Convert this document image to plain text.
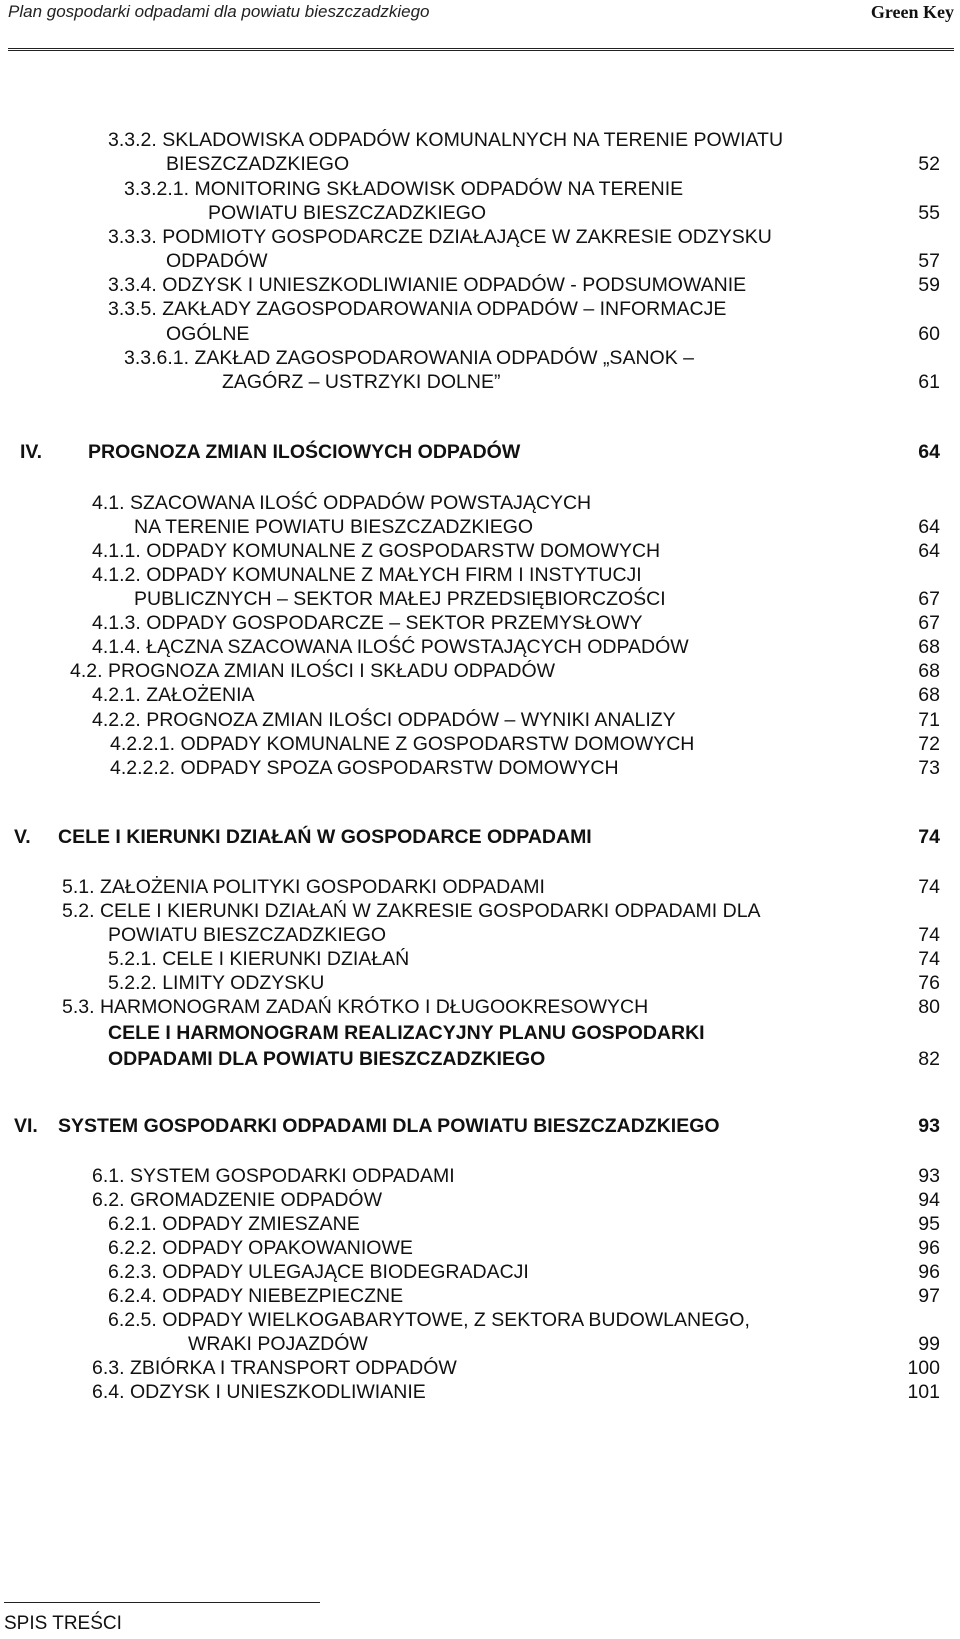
Plan gospodarki odpadami dla powiatu bieszczadzkiego	Green Key
3.3.2. SKLADOWISKA ODPADÓW KOMUNALNYCH NA TERENIE POWIATU
BIESZCZADZKIEGO	52
3.3.2.1. MONITORING SKŁADOWISK ODPADÓW NA TERENIE
POWIATU BIESZCZADZKIEGO	55
3.3.3. PODMIOTY GOSPODARCZE DZIAŁAJĄCE W ZAKRESIE ODZYSKU
ODPADÓW	57
3.3.4. ODZYSK I UNIESZKODLIWIANIE ODPADÓW - PODSUMOWANIE	59
3.3.5. ZAKŁADY ZAGOSPODAROWANIA ODPADÓW – INFORMACJE
OGÓLNE	60
3.3.6.1. ZAKŁAD ZAGOSPODAROWANIA ODPADÓW „SANOK –
ZAGÓRZ – USTRZYKI DOLNE”	61
IV. PROGNOZA ZMIAN ILOŚCIOWYCH ODPADÓW	64
4.1. SZACOWANA ILOŚĆ ODPADÓW POWSTAJĄCYCH
NA TERENIE POWIATU BIESZCZADZKIEGO	64
4.1.1. ODPADY KOMUNALNE Z GOSPODARSTW DOMOWYCH	64
4.1.2. ODPADY KOMUNALNE Z MAŁYCH FIRM I INSTYTUCJI
PUBLICZNYCH – SEKTOR MAŁEJ PRZEDSIĘBIORCZOŚCI	67
4.1.3. ODPADY GOSPODARCZE – SEKTOR PRZEMYSŁOWY	67
4.1.4. ŁĄCZNA SZACOWANA ILOŚĆ POWSTAJĄCYCH ODPADÓW	68
4.2. PROGNOZA ZMIAN ILOŚCI I SKŁADU ODPADÓW	68
4.2.1. ZAŁOŻENIA	68
4.2.2. PROGNOZA ZMIAN ILOŚCI ODPADÓW – WYNIKI ANALIZY	71
4.2.2.1. ODPADY KOMUNALNE Z GOSPODARSTW DOMOWYCH	72
4.2.2.2. ODPADY SPOZA GOSPODARSTW DOMOWYCH	73
V. CELE I KIERUNKI DZIAŁAŃ W GOSPODARCE ODPADAMI	74
5.1. ZAŁOŻENIA POLITYKI GOSPODARKI ODPADAMI	74
5.2. CELE I KIERUNKI DZIAŁAŃ W ZAKRESIE GOSPODARKI ODPADAMI DLA
POWIATU BIESZCZADZKIEGO	74
5.2.1. CELE I KIERUNKI DZIAŁAŃ	74
5.2.2. LIMITY ODZYSKU	76
5.3. HARMONOGRAM ZADAŃ KRÓTKO I DŁUGOOKRESOWYCH	80
CELE I HARMONOGRAM REALIZACYJNY PLANU GOSPODARKI
ODPADAMI DLA POWIATU BIESZCZADZKIEGO	82
VI. SYSTEM GOSPODARKI ODPADAMI DLA POWIATU BIESZCZADZKIEGO	93
6.1. SYSTEM GOSPODARKI ODPADAMI	93
6.2. GROMADZENIE ODPADÓW	94
6.2.1. ODPADY ZMIESZANE	95
6.2.2. ODPADY OPAKOWANIOWE	96
6.2.3. ODPADY ULEGAJĄCE BIODEGRADACJI	96
6.2.4. ODPADY NIEBEZPIECZNE	97
6.2.5. ODPADY WIELKOGABARYTOWE, Z SEKTORA BUDOWLANEGO,
WRAKI POJAZDÓW	99
6.3. ZBIÓRKA I TRANSPORT ODPADÓW	100
6.4. ODZYSK I UNIESZKODLIWIANIE	101
SPIS TREŚCI
